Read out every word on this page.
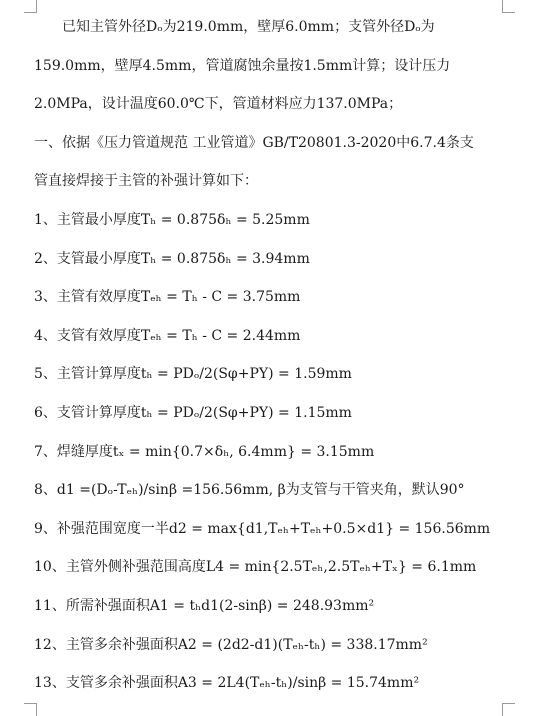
已知主管外径Dₒ为219.0mm，壁厚6.0mm；支管外径Dₒ为
159.0mm，壁厚4.5mm，管道腐蚀余量按1.5mm计算；设计压力
2.0MPa，设计温度60.0℃下，管道材料应力137.0MPa；
一、依据《压力管道规范 工业管道》GB/T20801.3-2020中6.7.4条支
管直接焊接于主管的补强计算如下：
1、主管最小厚度Tₕ = 0.875δₕ = 5.25mm
2、支管最小厚度Tₕ = 0.875δₕ = 3.94mm
3、主管有效厚度Tₑₕ = Tₕ - C = 3.75mm
4、支管有效厚度Tₑₕ = Tₕ - C = 2.44mm
5、主管计算厚度tₕ = PDₒ/2(Sφ+PY) = 1.59mm
6、支管计算厚度tₕ = PDₒ/2(Sφ+PY) = 1.15mm
7、焊缝厚度tₓ = min{0.7×δₕ, 6.4mm} = 3.15mm
8、d1 =(Dₒ-Tₑₕ)/sinβ =156.56mm, β为支管与干管夹角，默认90°
9、补强范围宽度一半d2 = max{d1,Tₑₕ+Tₑₕ+0.5×d1} = 156.56mm
10、主管外侧补强范围高度L4 = min{2.5Tₑₕ,2.5Tₑₕ+Tₓ} = 6.1mm
11、所需补强面积A1 = tₕd1(2-sinβ) = 248.93mm²
12、主管多余补强面积A2 = (2d2-d1)(Tₑₕ-tₕ) = 338.17mm²
13、支管多余补强面积A3 = 2L4(Tₑₕ-tₕ)/sinβ = 15.74mm²
